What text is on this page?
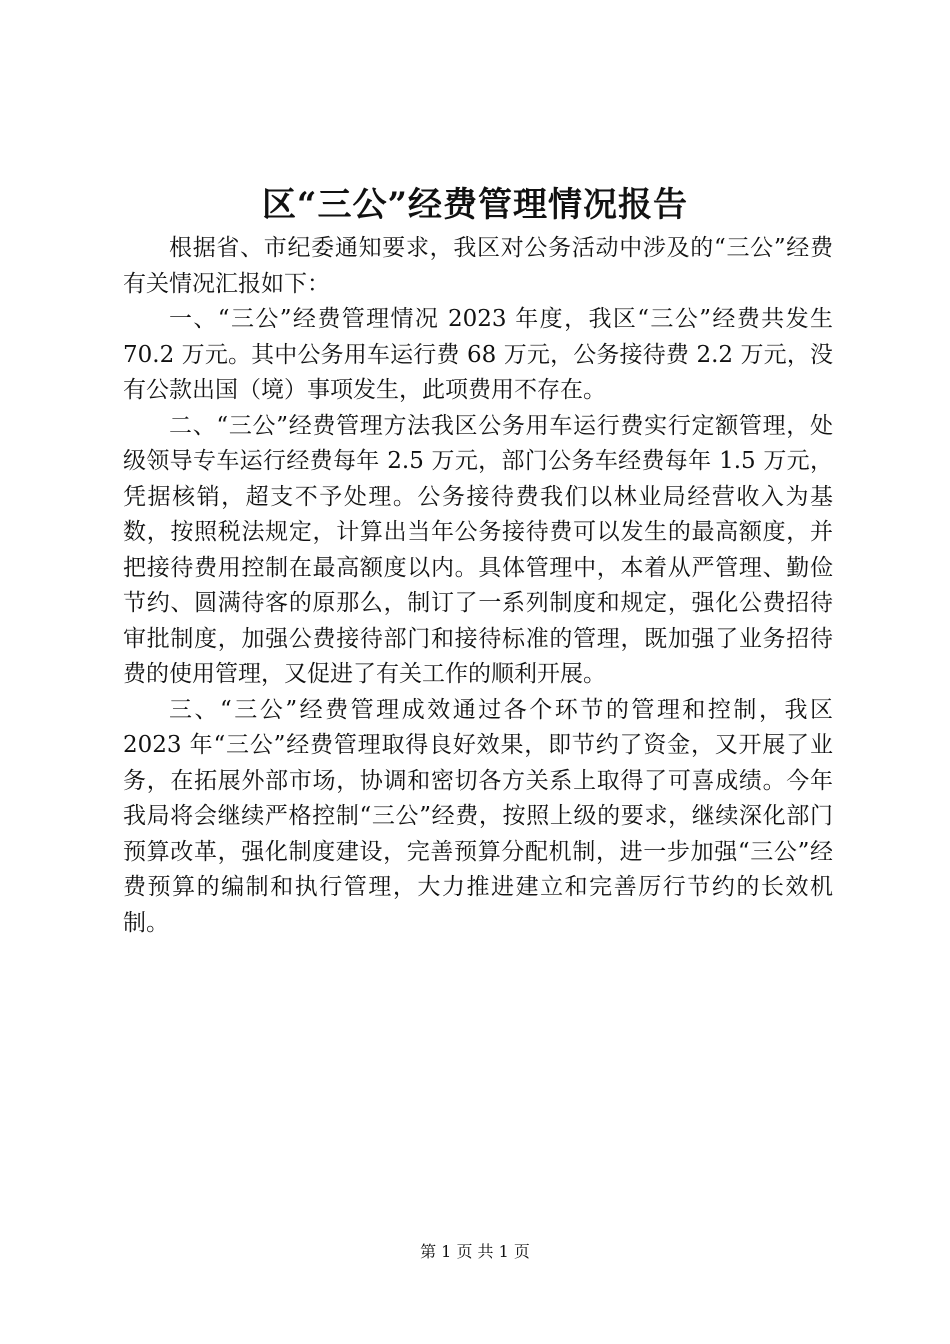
区“三公”经费管理情况报告

根据省、市纪委通知要求，我区对公务活动中涉及的“三公”经费有关情况汇报如下：

一、“三公”经费管理情况 2023 年度，我区“三公”经费共发生 70.2 万元。其中公务用车运行费 68 万元，公务接待费 2.2 万元，没有公款出国（境）事项发生，此项费用不存在。

二、“三公”经费管理方法我区公务用车运行费实行定额管理，处级领导专车运行经费每年 2.5 万元，部门公务车经费每年 1.5 万元，凭据核销，超支不予处理。公务接待费我们以林业局经营收入为基数，按照税法规定，计算出当年公务接待费可以发生的最高额度，并把接待费用控制在最高额度以内。具体管理中，本着从严管理、勤俭节约、圆满待客的原那么，制订了一系列制度和规定，强化公费招待审批制度，加强公费接待部门和接待标准的管理，既加强了业务招待费的使用管理，又促进了有关工作的顺利开展。

三、“三公”经费管理成效通过各个环节的管理和控制，我区 2023 年“三公”经费管理取得良好效果，即节约了资金，又开展了业务，在拓展外部市场，协调和密切各方关系上取得了可喜成绩。今年我局将会继续严格控制“三公”经费，按照上级的要求，继续深化部门预算改革，强化制度建设，完善预算分配机制，进一步加强“三公”经费预算的编制和执行管理，大力推进建立和完善厉行节约的长效机制。

第 1 页 共 1 页
